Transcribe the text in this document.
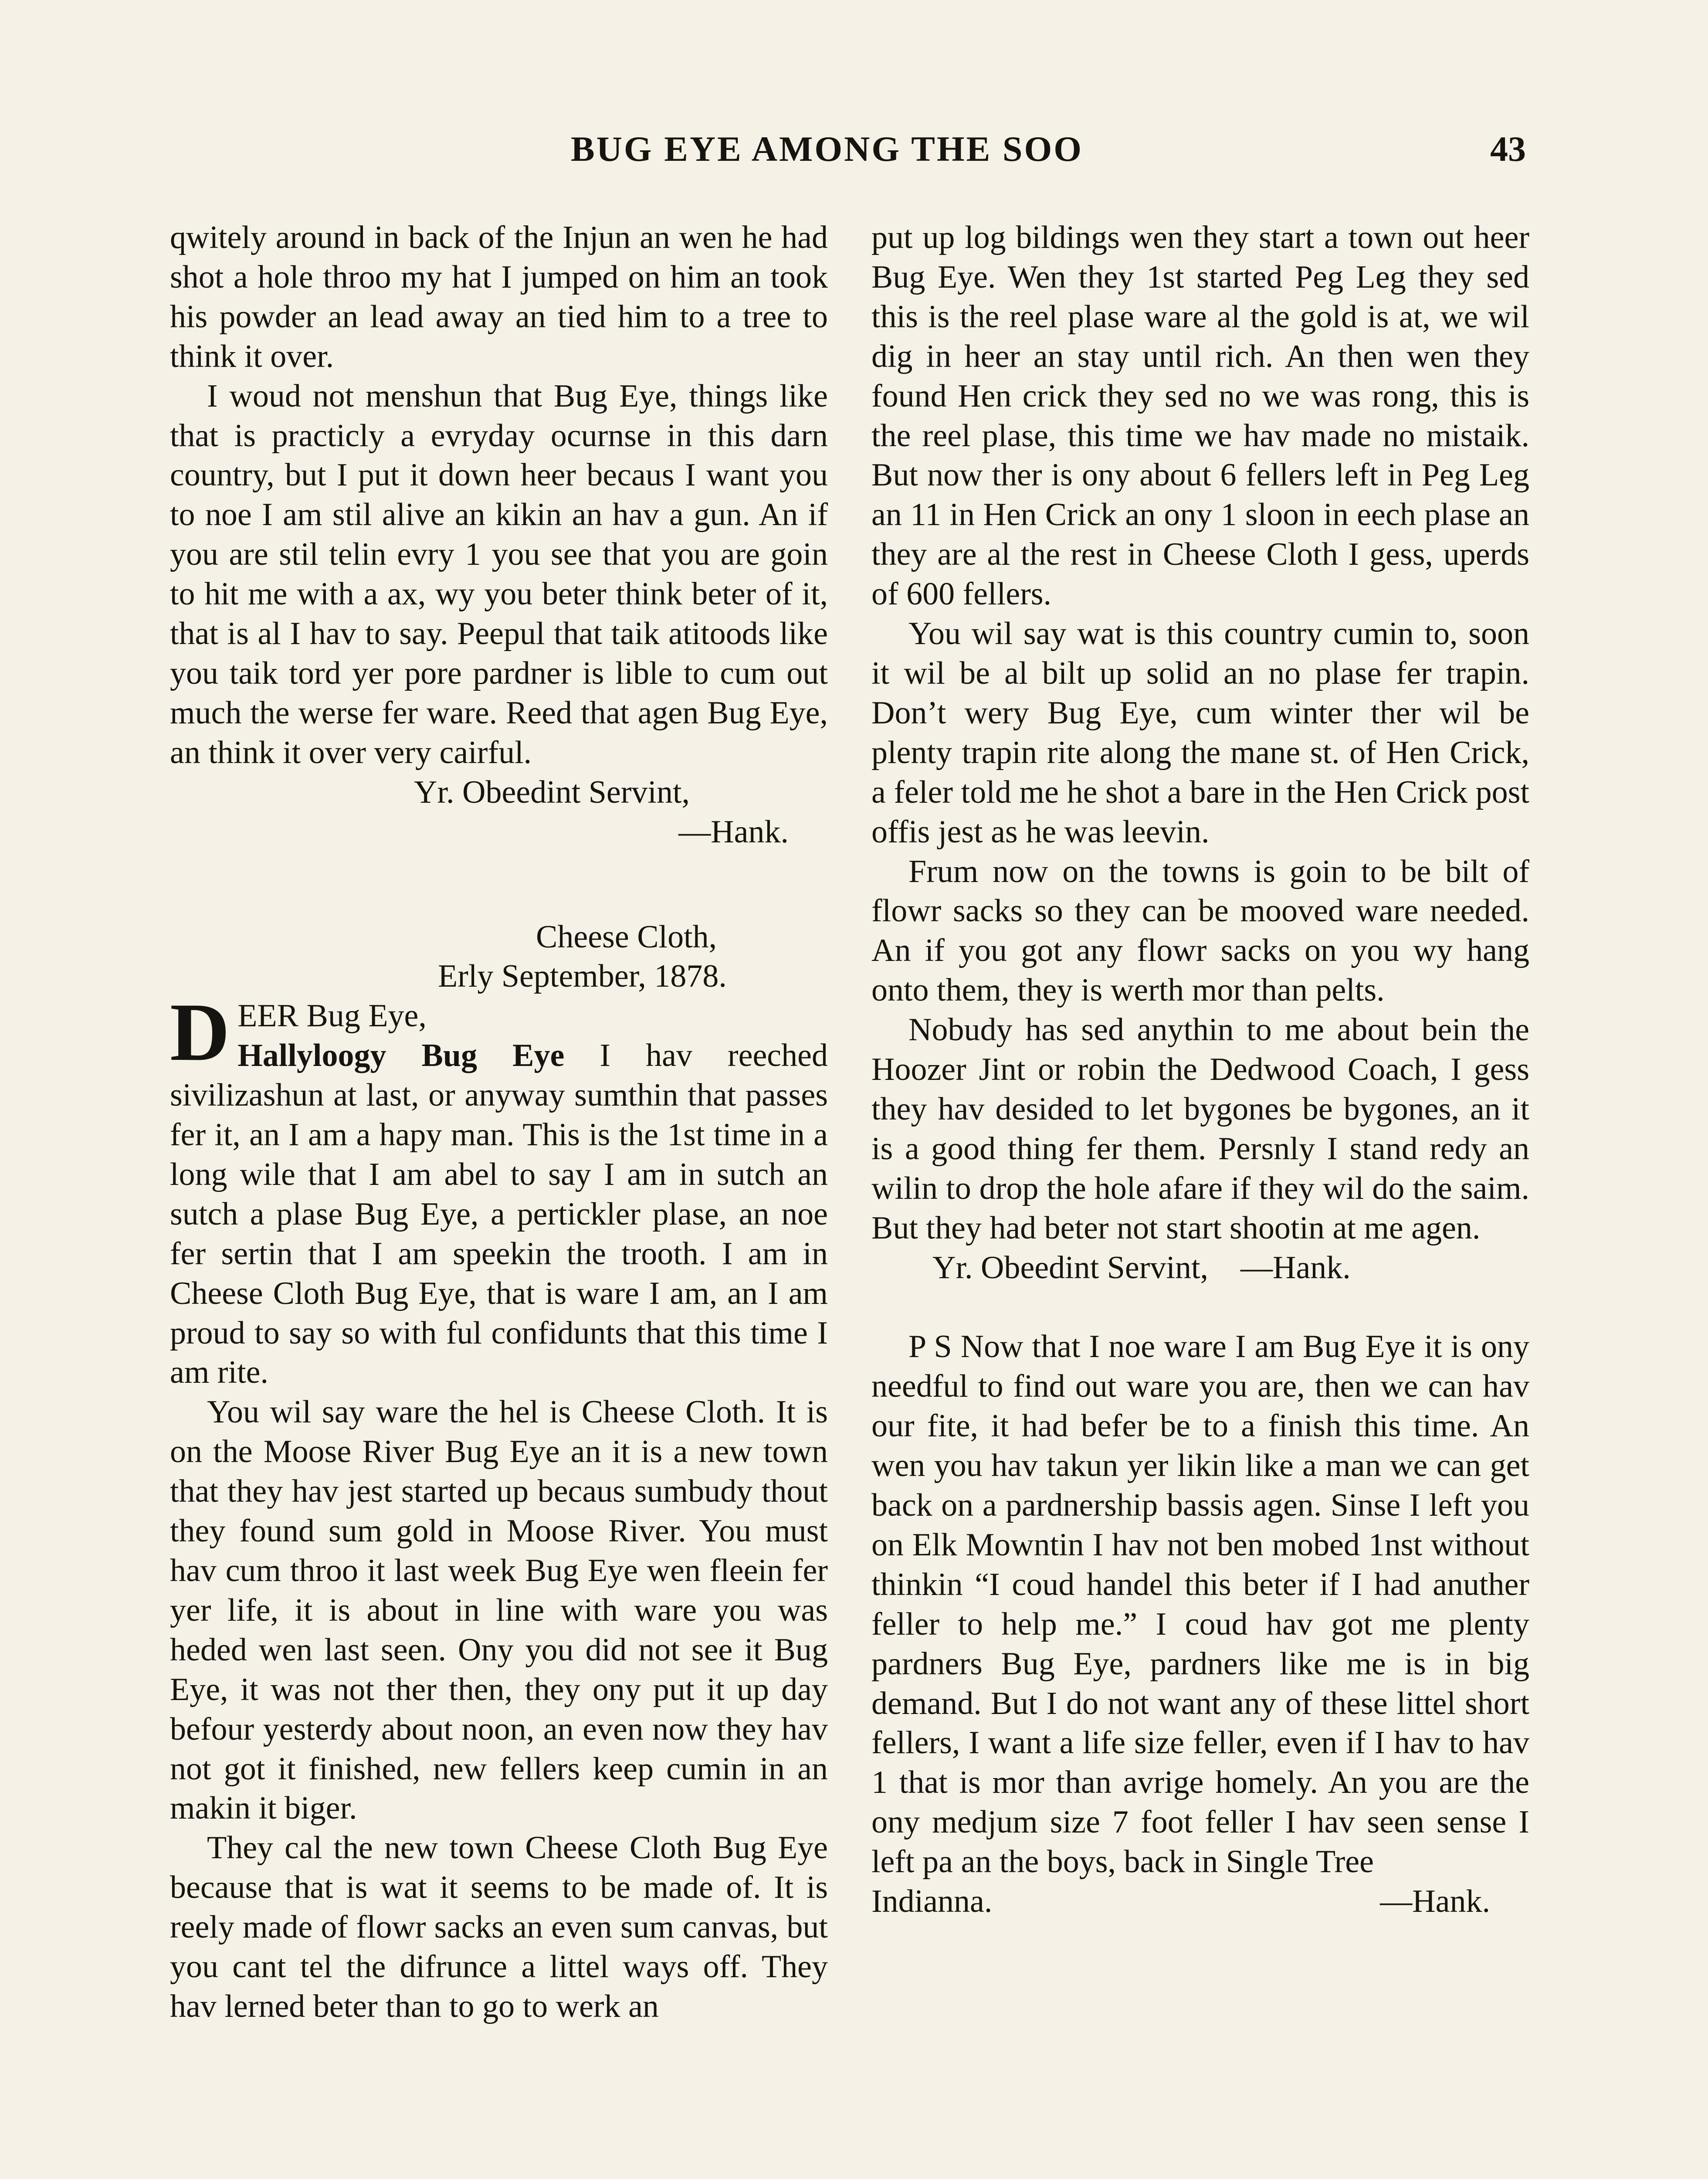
BUG EYE AMONG THE SOO	43

qwitely around in back of the Injun an wen he had shot a hole throo my hat I jumped on him an took his powder an lead away an tied him to a tree to think it over.

I woud not menshun that Bug Eye, things like that is practicly a evryday ocurnse in this darn country, but I put it down heer becaus I want you to noe I am stil alive an kikin an hav a gun. An if you are stil telin evry 1 you see that you are goin to hit me with a ax, wy you beter think beter of it, that is al I hav to say. Peepul that taik atitoods like you taik tord yer pore pardner is lible to cum out much the werse fer ware. Reed that agen Bug Eye, an think it over very cairful.

Yr. Obeedint Servint,

—Hank.

Cheese Cloth,
Erly September, 1878.

D EER Bug Eye,
Hallyloogy Bug Eye I hav reeched sivilizashun at last, or anyway sumthin that passes fer it, an I am a hapy man. This is the 1st time in a long wile that I am abel to say I am in sutch an sutch a plase Bug Eye, a pertickler plase, an noe fer sertin that I am speekin the trooth. I am in Cheese Cloth Bug Eye, that is ware I am, an I am proud to say so with ful confidunts that this time I am rite.

You wil say ware the hel is Cheese Cloth. It is on the Moose River Bug Eye an it is a new town that they hav jest started up becaus sumbudy thout they found sum gold in Moose River. You must hav cum throo it last week Bug Eye wen fleein fer yer life, it is about in line with ware you was heded wen last seen. Ony you did not see it Bug Eye, it was not ther then, they ony put it up day befour yesterdy about noon, an even now they hav not got it finished, new fellers keep cumin in an makin it biger.

They cal the new town Cheese Cloth Bug Eye because that is wat it seems to be made of. It is reely made of flowr sacks an even sum canvas, but you cant tel the difrunce a littel ways off. They hav lerned beter than to go to werk an

put up log bildings wen they start a town out heer Bug Eye. Wen they 1st started Peg Leg they sed this is the reel plase ware al the gold is at, we wil dig in heer an stay until rich. An then wen they found Hen crick they sed no we was rong, this is the reel plase, this time we hav made no mistaik. But now ther is ony about 6 fellers left in Peg Leg an 11 in Hen Crick an ony 1 sloon in eech plase an they are al the rest in Cheese Cloth I gess, uperds of 600 fellers.

You wil say wat is this country cumin to, soon it wil be al bilt up solid an no plase fer trapin. Don’t wery Bug Eye, cum winter ther wil be plenty trapin rite along the mane st. of Hen Crick, a feler told me he shot a bare in the Hen Crick post offis jest as he was leevin.

Frum now on the towns is goin to be bilt of flowr sacks so they can be mooved ware needed. An if you got any flowr sacks on you wy hang onto them, they is werth mor than pelts.

Nobudy has sed anythin to me about bein the Hoozer Jint or robin the Dedwood Coach, I gess they hav desided to let bygones be bygones, an it is a good thing fer them. Persnly I stand redy an wilin to drop the hole afare if they wil do the saim. But they had beter not start shootin at me agen.

Yr. Obeedint Servint, —Hank.

P S Now that I noe ware I am Bug Eye it is ony needful to find out ware you are, then we can hav our fite, it had befer be to a finish this time. An wen you hav takun yer likin like a man we can get back on a pardnership bassis agen. Sinse I left you on Elk Mowntin I hav not ben mobed 1nst without thinkin “I coud handel this beter if I had anuther feller to help me.” I coud hav got me plenty pardners Bug Eye, pardners like me is in big demand. But I do not want any of these littel short fellers, I want a life size feller, even if I hav to hav 1 that is mor than avrige homely. An you are the ony medjum size 7 foot feller I hav seen sense I left pa an the boys, back in Single Tree

Indianna.	—Hank.
